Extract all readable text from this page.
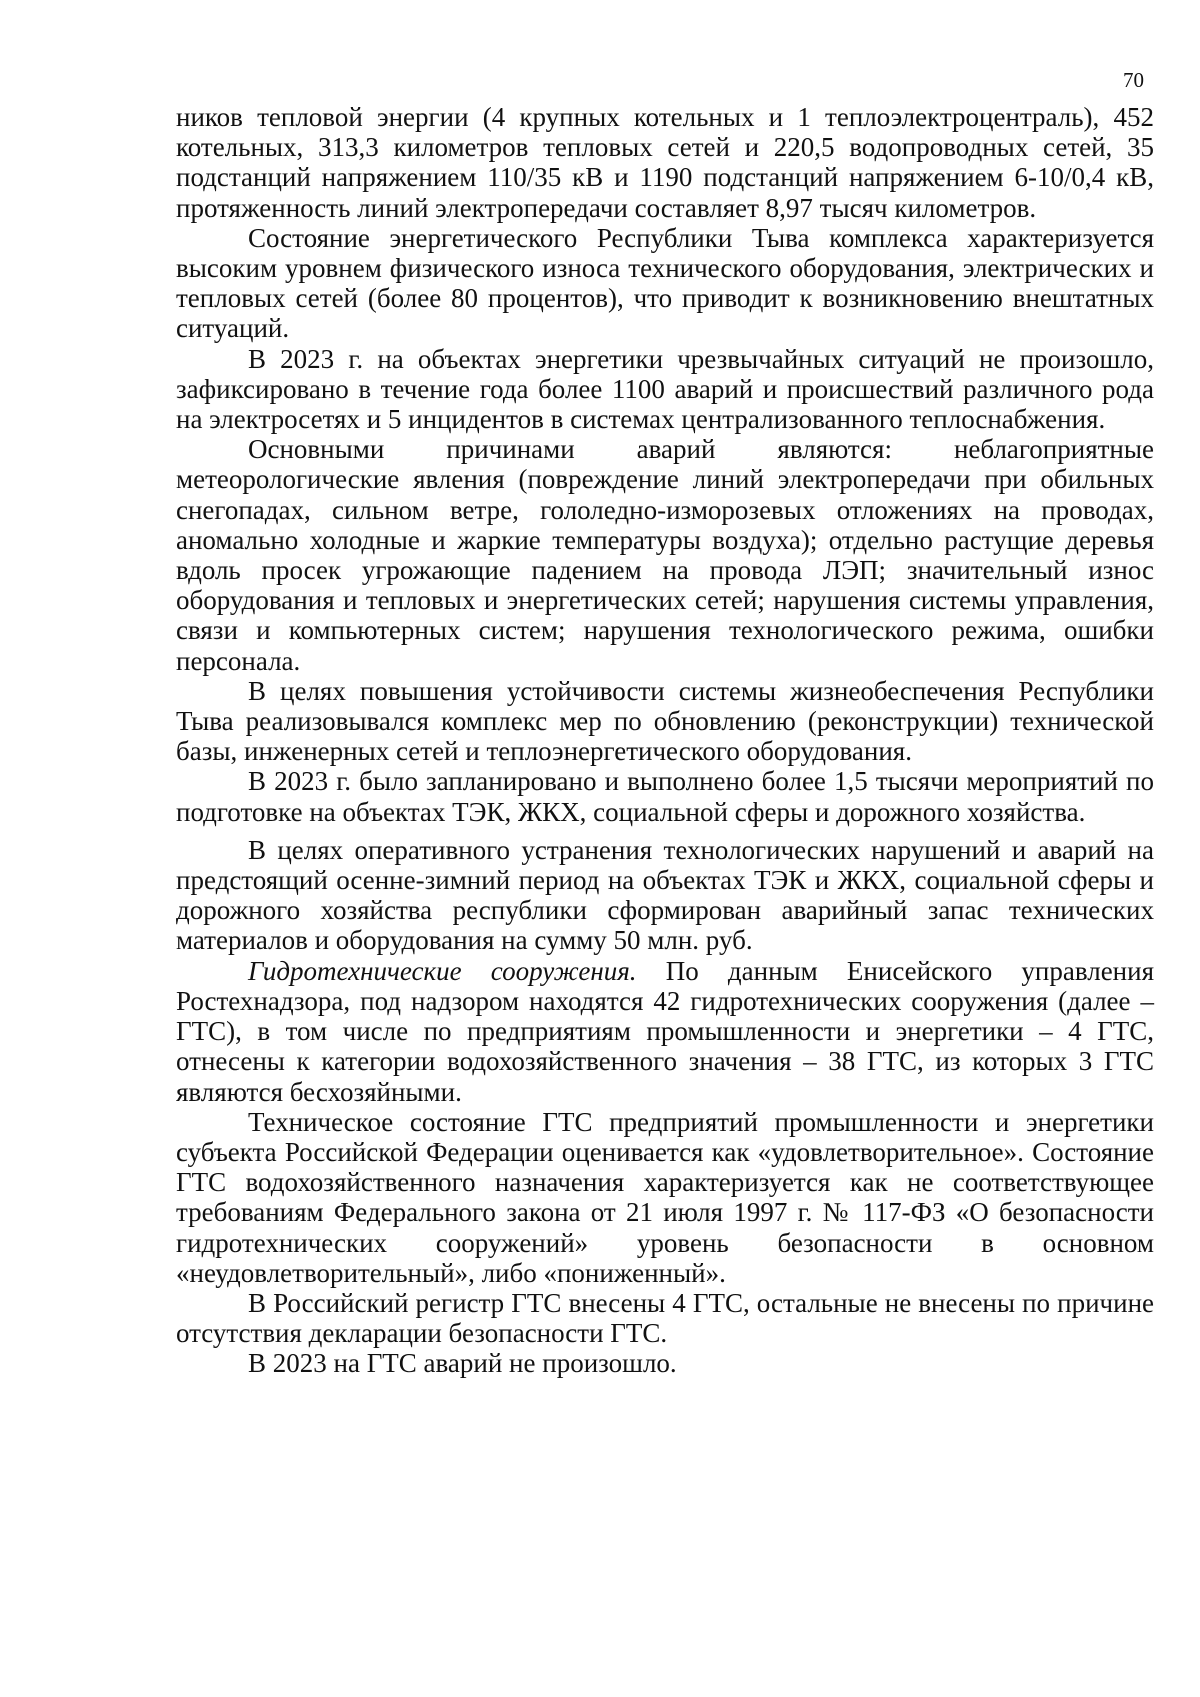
70

ников тепловой энергии (4 крупных котельных и 1 теплоэлектроцентраль), 452 котельных, 313,3 километров тепловых сетей и 220,5 водопроводных сетей, 35 подстанций напряжением 110/35 кВ и 1190 подстанций напряжением 6-10/0,4 кВ, протяженность линий электропередачи составляет 8,97 тысяч километров.

Состояние энергетического Республики Тыва комплекса характеризуется высоким уровнем физического износа технического оборудования, электрических и тепловых сетей (более 80 процентов), что приводит к возникновению внештатных ситуаций.

В 2023 г. на объектах энергетики чрезвычайных ситуаций не произошло, зафиксировано в течение года более 1100 аварий и происшествий различного рода на электросетях и 5 инцидентов в системах централизованного теплоснабжения.

Основными причинами аварий являются: неблагоприятные метеорологические явления (повреждение линий электропередачи при обильных снегопадах, сильном ветре, гололедно-изморозевых отложениях на проводах, аномально холодные и жаркие температуры воздуха); отдельно растущие деревья вдоль просек угрожающие падением на провода ЛЭП; значительный износ оборудования и тепловых и энергетических сетей; нарушения системы управления, связи и компьютерных систем; нарушения технологического режима, ошибки персонала.

В целях повышения устойчивости системы жизнеобеспечения Республики Тыва реализовывался комплекс мер по обновлению (реконструкции) технической базы, инженерных сетей и теплоэнергетического оборудования.

В 2023 г. было запланировано и выполнено более 1,5 тысячи мероприятий по подготовке на объектах ТЭК, ЖКХ, социальной сферы и дорожного хозяйства.

В целях оперативного устранения технологических нарушений и аварий на предстоящий осенне-зимний период на объектах ТЭК и ЖКХ, социальной сферы и дорожного хозяйства республики сформирован аварийный запас технических материалов и оборудования на сумму 50 млн. руб.

Гидротехнические сооружения. По данным Енисейского управления Ростехнадзора, под надзором находятся 42 гидротехнических сооружения (далее – ГТС), в том числе по предприятиям промышленности и энергетики – 4 ГТС, отнесены к категории водохозяйственного значения – 38 ГТС, из которых 3 ГТС являются бесхозяйными.

Техническое состояние ГТС предприятий промышленности и энергетики субъекта Российской Федерации оценивается как «удовлетворительное». Состояние ГТС водохозяйственного назначения характеризуется как не соответствующее требованиям Федерального закона от 21 июля 1997 г. № 117-ФЗ «О безопасности гидротехнических сооружений» уровень безопасности в основном «неудовлетворительный», либо «пониженный».

В Российский регистр ГТС внесены 4 ГТС, остальные не внесены по причине отсутствия декларации безопасности ГТС.

В 2023 на ГТС аварий не произошло.
